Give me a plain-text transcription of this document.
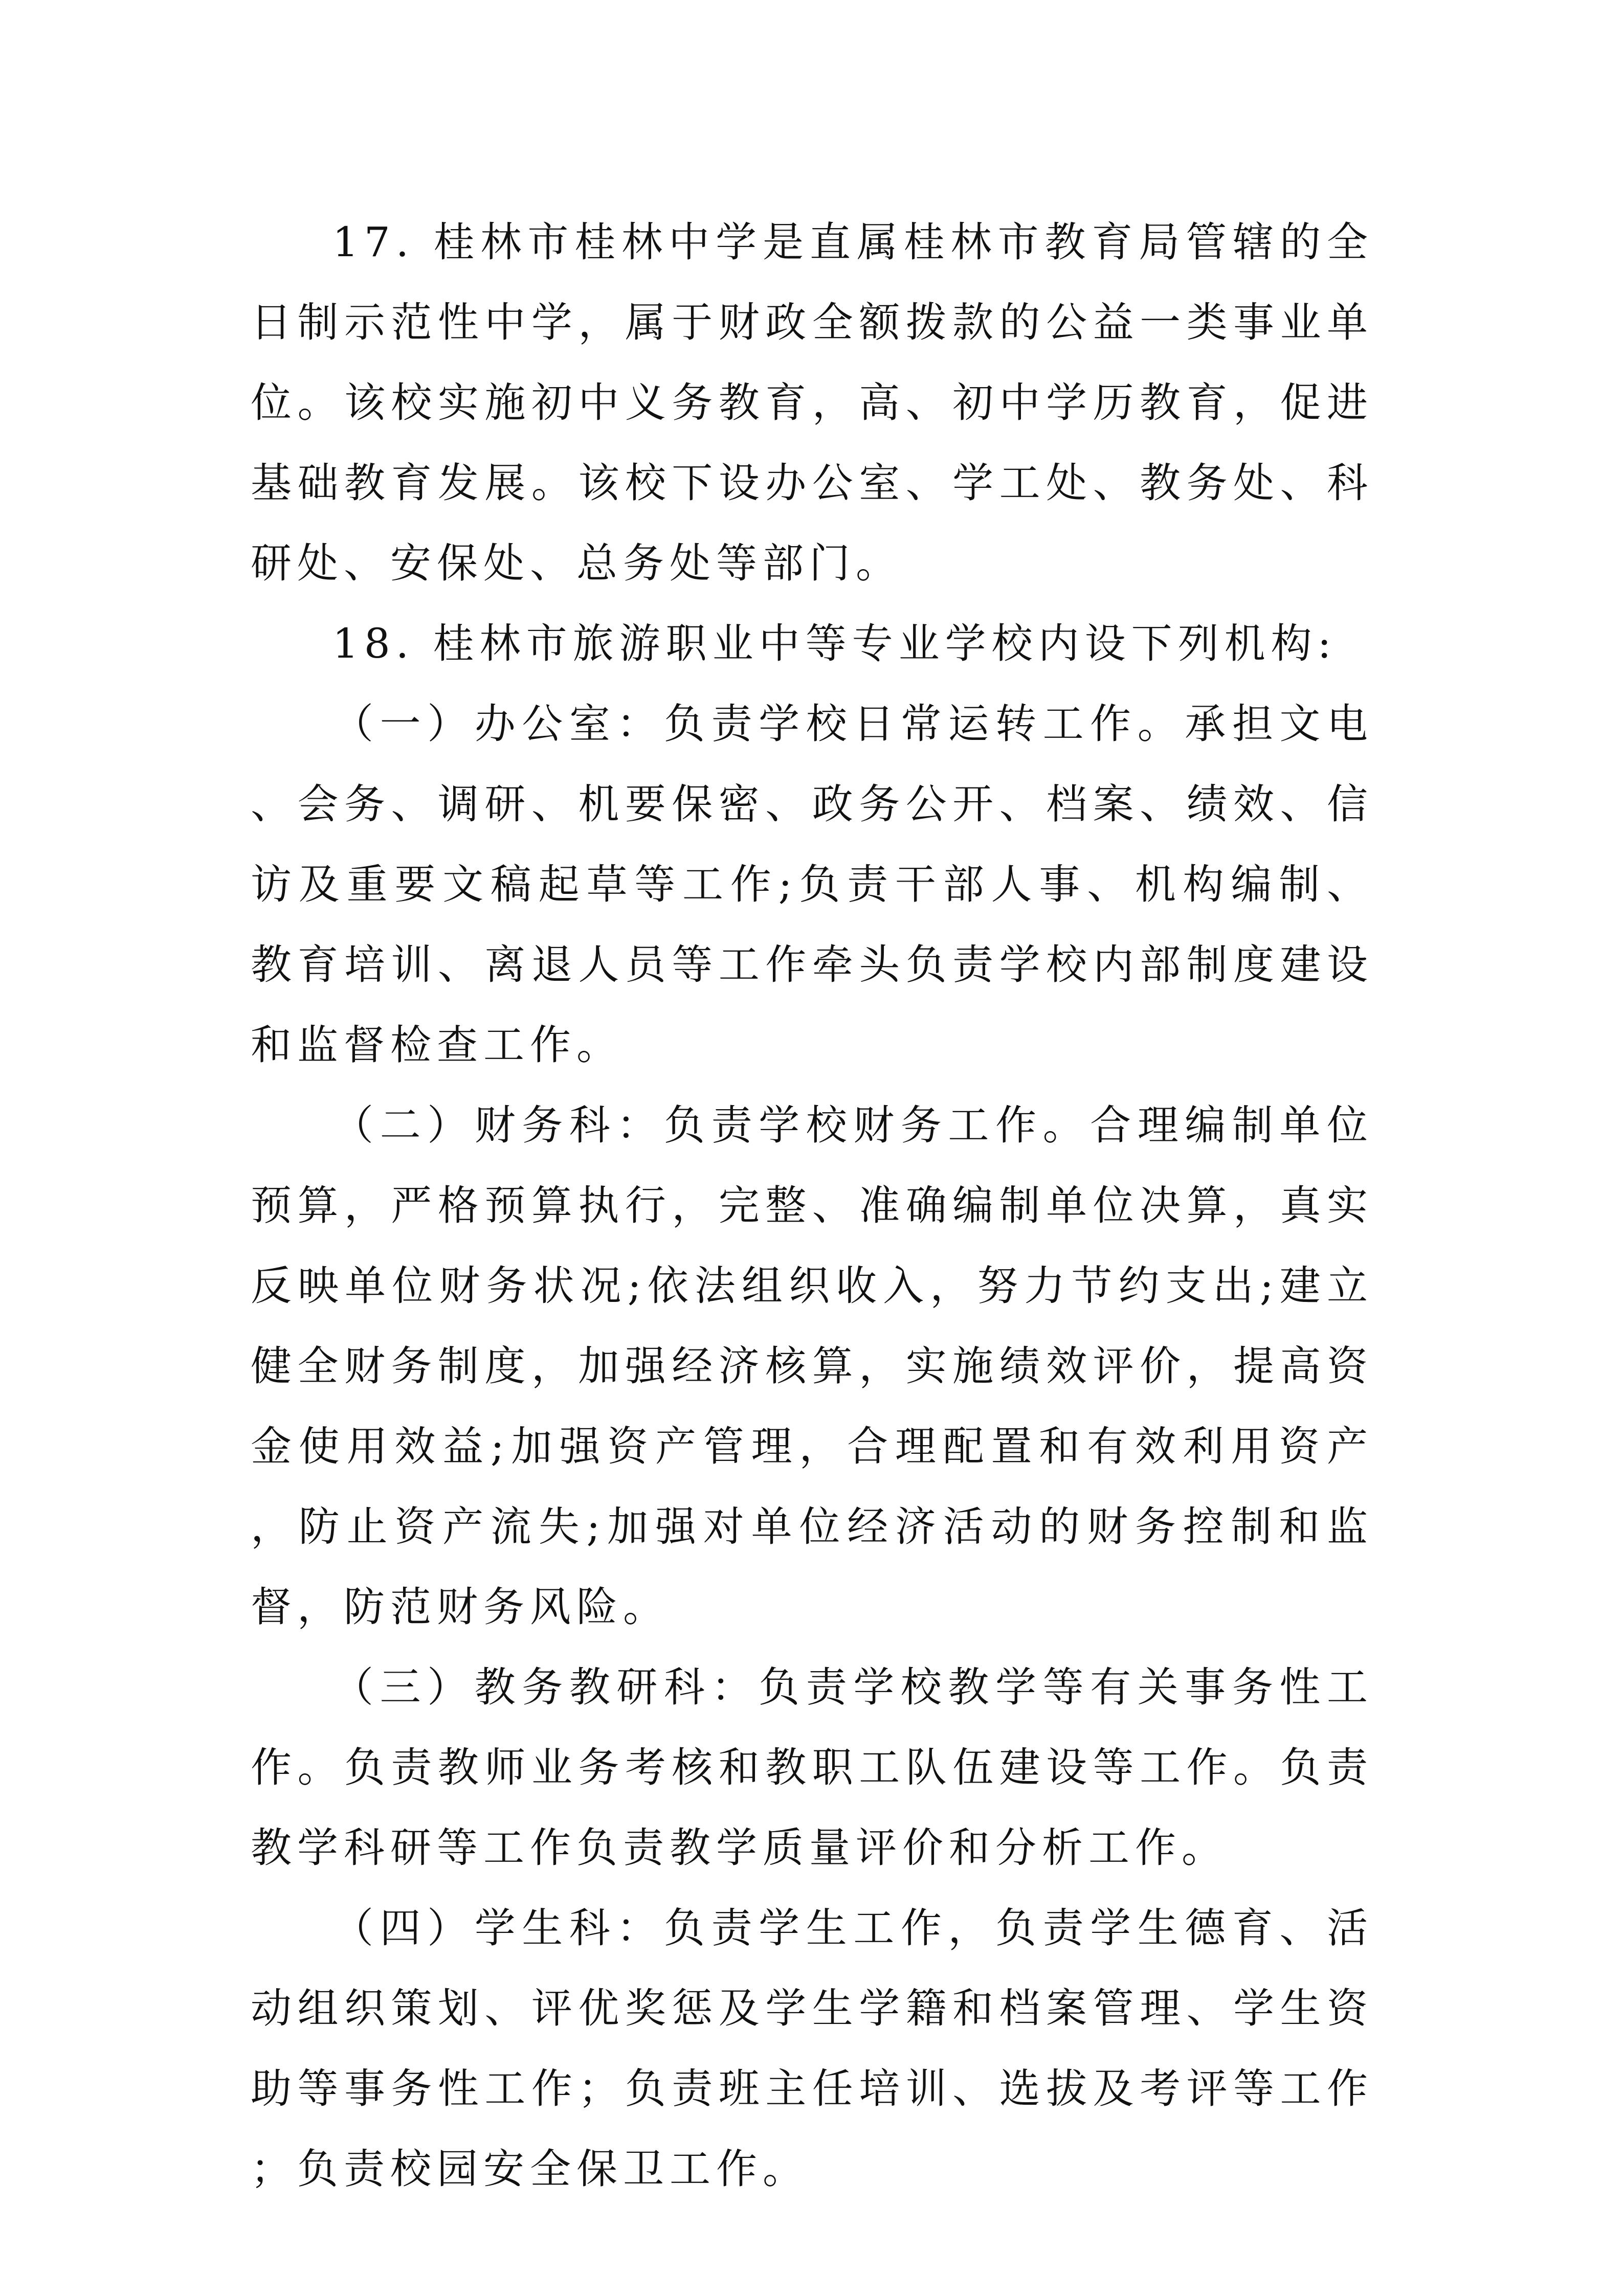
17. 桂林市桂林中学是直属桂林市教育局管辖的全日制示范性中学，属于财政全额拨款的公益一类事业单位。该校实施初中义务教育，高、初中学历教育，促进基础教育发展。该校下设办公室、学工处、教务处、科研处、安保处、总务处等部门。

18. 桂林市旅游职业中等专业学校内设下列机构:

（一）办公室：负责学校日常运转工作。承担文电、会务、调研、机要保密、政务公开、档案、绩效、信访及重要文稿起草等工作;负责干部人事、机构编制、教育培训、离退人员等工作牵头负责学校内部制度建设和监督检查工作。

（二）财务科：负责学校财务工作。合理编制单位预算，严格预算执行，完整、准确编制单位决算，真实反映单位财务状况;依法组织收入，努力节约支出;建立健全财务制度，加强经济核算，实施绩效评价，提高资金使用效益;加强资产管理，合理配置和有效利用资产，防止资产流失;加强对单位经济活动的财务控制和监督，防范财务风险。

（三）教务教研科：负责学校教学等有关事务性工作。负责教师业务考核和教职工队伍建设等工作。负责教学科研等工作负责教学质量评价和分析工作。

（四）学生科：负责学生工作，负责学生德育、活动组织策划、评优奖惩及学生学籍和档案管理、学生资助等事务性工作；负责班主任培训、选拔及考评等工作；负责校园安全保卫工作。
